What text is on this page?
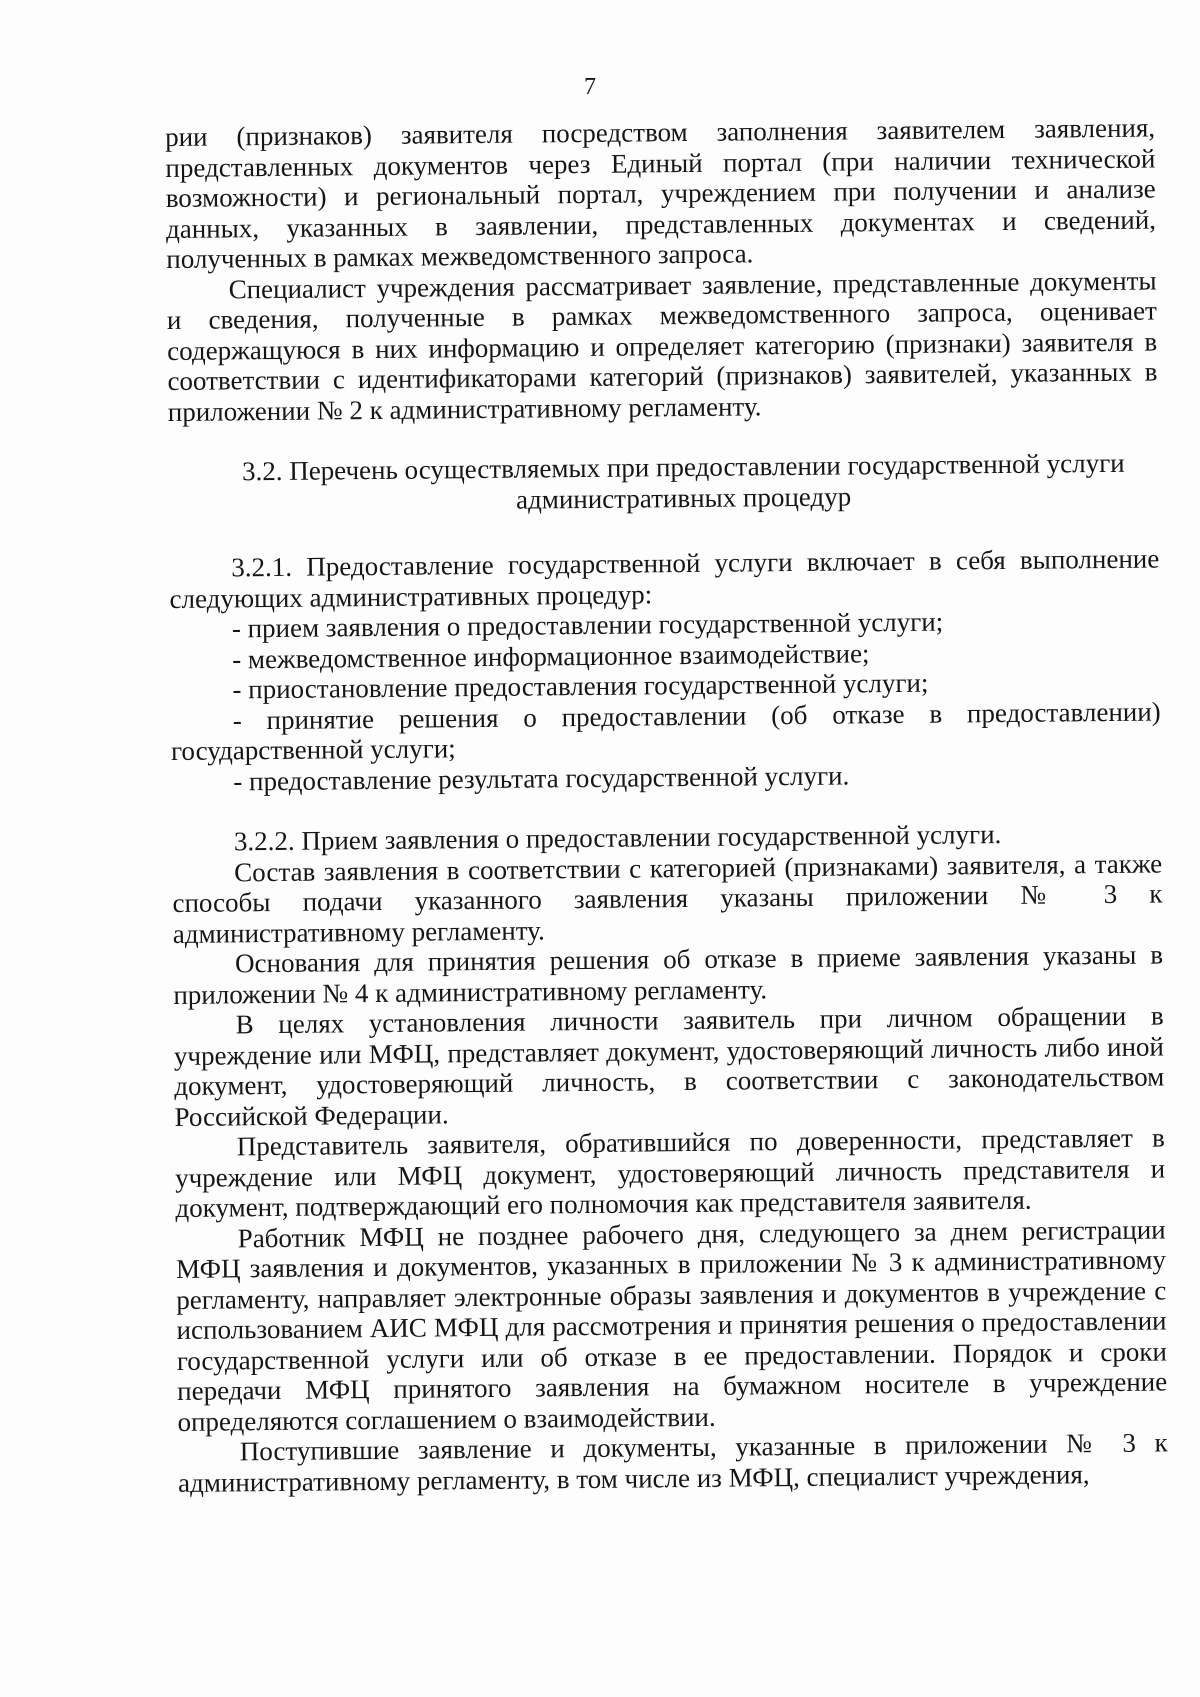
7

рии (признаков) заявителя посредством заполнения заявителем заявления, представленных документов через Единый портал (при наличии технической возможности) и региональный портал, учреждением при получении и анализе данных, указанных в заявлении, представленных документах и сведений, полученных в рамках межведомственного запроса.

Специалист учреждения рассматривает заявление, представленные документы и сведения, полученные в рамках межведомственного запроса, оценивает содержащуюся в них информацию и определяет категорию (признаки) заявителя в соответствии с идентификаторами категорий (признаков) заявителей, указанных в приложении № 2 к административному регламенту.

3.2. Перечень осуществляемых при предоставлении государственной услуги административных процедур

3.2.1. Предоставление государственной услуги включает в себя выполнение следующих административных процедур:

- прием заявления о предоставлении государственной услуги;

- межведомственное информационное взаимодействие;

- приостановление предоставления государственной услуги;

- принятие решения о предоставлении (об отказе в предоставлении) государственной услуги;

- предоставление результата государственной услуги.

3.2.2. Прием заявления о предоставлении государственной услуги.

Состав заявления в соответствии с категорией (признаками) заявителя, а также способы подачи указанного заявления указаны приложении № 3 к административному регламенту.

Основания для принятия решения об отказе в приеме заявления указаны в приложении № 4 к административному регламенту.

В целях установления личности заявитель при личном обращении в учреждение или МФЦ, представляет документ, удостоверяющий личность либо иной документ, удостоверяющий личность, в соответствии с законодательством Российской Федерации.

Представитель заявителя, обратившийся по доверенности, представляет в учреждение или МФЦ документ, удостоверяющий личность представителя и документ, подтверждающий его полномочия как представителя заявителя.

Работник МФЦ не позднее рабочего дня, следующего за днем регистрации МФЦ заявления и документов, указанных в приложении № 3 к административному регламенту, направляет электронные образы заявления и документов в учреждение с использованием АИС МФЦ для рассмотрения и принятия решения о предоставлении государственной услуги или об отказе в ее предоставлении. Порядок и сроки передачи МФЦ принятого заявления на бумажном носителе в учреждение определяются соглашением о взаимодействии.

Поступившие заявление и документы, указанные в приложении № 3 к административному регламенту, в том числе из МФЦ, специалист учреждения,
